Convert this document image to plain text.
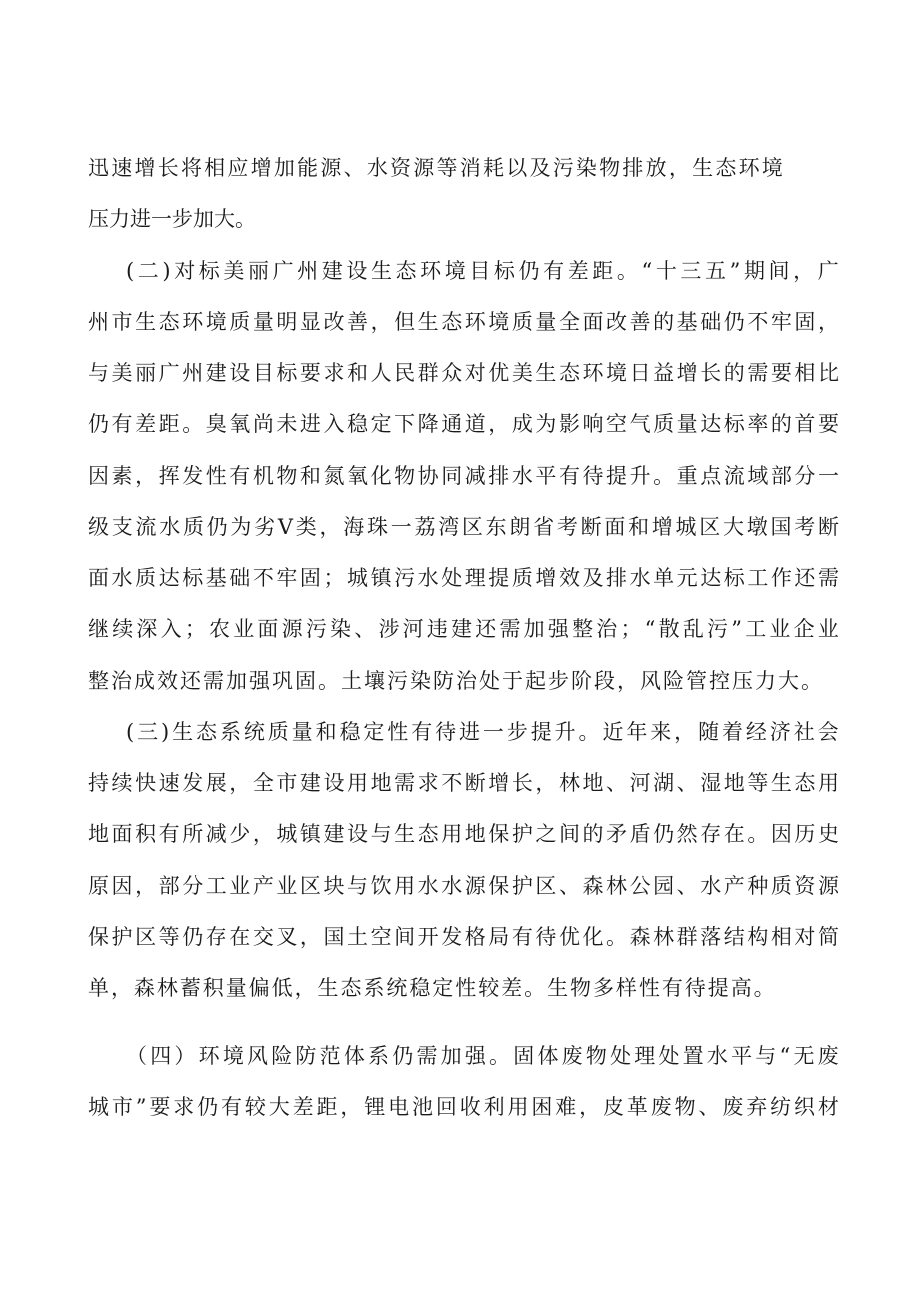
迅 速 增 长 将 相 应 增 加 能 源 、 水 资 源 等 消 耗 以 及 污 染 物 排 放 ， 生 态 环 境

压力进一步加大。

( 二 ) 对 标 美 丽 广 州 建 设 生 态 环 境 目 标 仍 有 差 距 。 “ 十 三 五 ” 期 间 ， 广

州 市 生 态 环 境 质 量 明 显 改 善 ， 但 生 态 环 境 质 量 全 面 改 善 的 基 础 仍 不 牢 固 ，

与 美 丽 广 州 建 设 目 标 要 求 和 人 民 群 众 对 优 美 生 态 环 境 日 益 增 长 的 需 要 相 比

仍 有 差 距 。 臭 氧 尚 未 进 入 稳 定 下 降 通 道 ， 成 为 影 响 空 气 质 量 达 标 率 的 首 要

因 素 ， 挥 发 性 有 机 物 和 氮 氧 化 物 协 同 减 排 水 平 有 待 提 升 。 重 点 流 域 部 分 一

级 支 流 水 质 仍 为 劣 Ⅴ 类 ， 海 珠 一 荔 湾 区 东 朗 省 考 断 面 和 增 城 区 大 墩 国 考 断

面 水 质 达 标 基 础 不 牢 固 ； 城 镇 污 水 处 理 提 质 增 效 及 排 水 单 元 达 标 工 作 还 需

继 续 深 入 ； 农 业 面 源 污 染 、 涉 河 违 建 还 需 加 强 整 治 ； “ 散 乱 污 ” 工 业 企 业

整 治 成 效 还 需 加 强 巩 固 。 土 壤 污 染 防 治 处 于 起 步 阶 段 ， 风 险 管 控 压 力 大 。

( 三 ) 生 态 系 统 质 量 和 稳 定 性 有 待 进 一 步 提 升 。 近 年 来 ， 随 着 经 济 社 会

持 续 快 速 发 展 ， 全 市 建 设 用 地 需 求 不 断 增 长 ， 林 地 、 河 湖 、 湿 地 等 生 态 用

地 面 积 有 所 减 少 ， 城 镇 建 设 与 生 态 用 地 保 护 之 间 的 矛 盾 仍 然 存 在 。 因 历 史

原 因 ， 部 分 工 业 产 业 区 块 与 饮 用 水 水 源 保 护 区 、 森 林 公 园 、 水 产 种 质 资 源

保 护 区 等 仍 存 在 交 叉 ， 国 土 空 间 开 发 格 局 有 待 优 化 。 森 林 群 落 结 构 相 对 简

单 ， 森 林 蓄 积 量 偏 低 ， 生 态 系 统 稳 定 性 较 差 。 生 物 多 样 性 有 待 提 高 。

（ 四 ） 环 境 风 险 防 范 体 系 仍 需 加 强 。 固 体 废 物 处 理 处 置 水 平 与 “ 无 废

城 市 ” 要 求 仍 有 较 大 差 距 ， 锂 电 池 回 收 利 用 困 难 ， 皮 革 废 物 、 废 弃 纺 织 材
